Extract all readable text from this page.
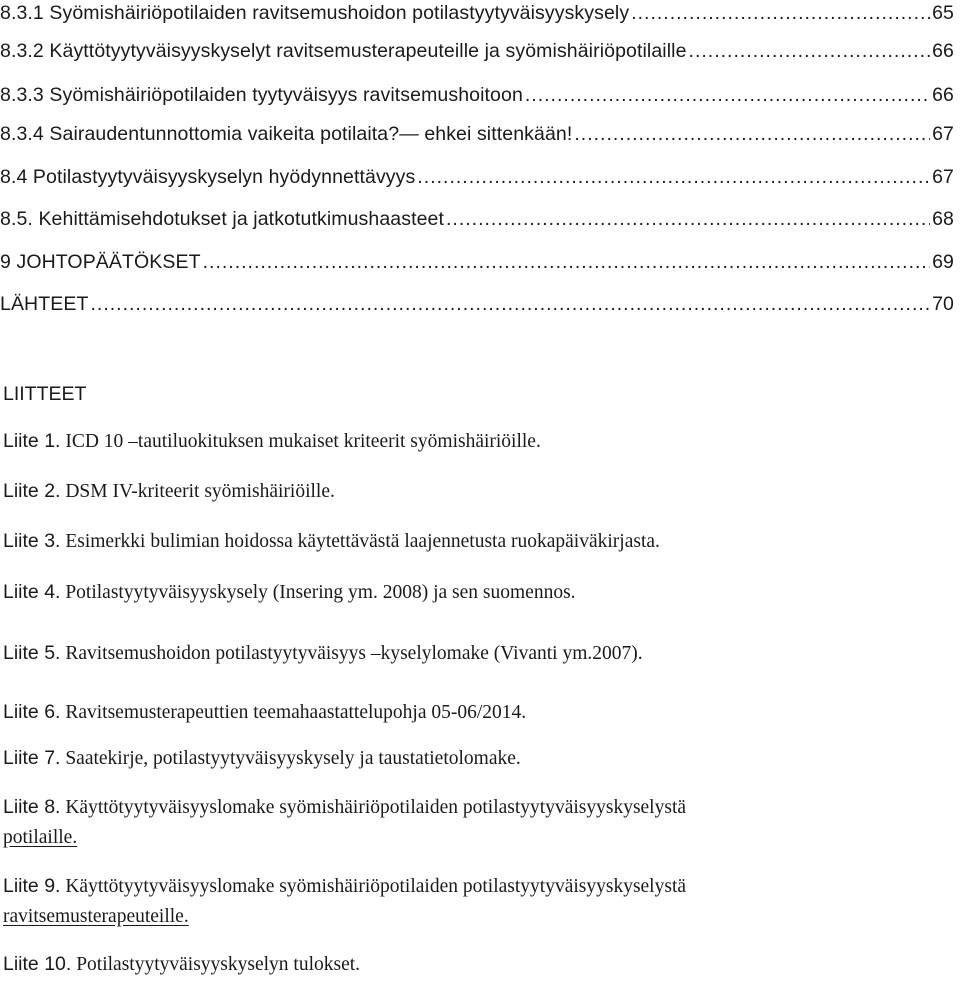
8.3.1 Syömishäiriöpotilaiden ravitsemushoidon potilastyytyväisyyskysely .....	65
8.3.2 Käyttötyytyväisyyskyselyt ravitsemusterapeuteille ja syömishäiriöpotilaille .....	66
8.3.3 Syömishäiriöpotilaiden tyytyväisyys ravitsemushoitoon .....	66
8.3.4 Sairaudentunnottomia vaikeita potilaita?— ehkei sittenkään! .....	67
8.4 Potilastyytyväisyyskyselyn hyödynnettävyys .....	67
8.5. Kehittämisehdotukset ja jatkotutkimushaasteet .....	68
9 JOHTOPÄÄTÖKSET .....	69
LÄHTEET .....	70
LIITTEET
Liite 1. ICD 10 –tautiluokituksen mukaiset kriteerit syömishäiriöille.
Liite 2. DSM IV-kriteerit syömishäiriöille.
Liite 3. Esimerkki bulimian hoidossa käytettävästä laajennetusta ruokapäiväkirjasta.
Liite 4. Potilastyytyväisyyskysely (Insering ym. 2008) ja sen suomennos.
Liite 5. Ravitsemushoidon potilastyytyväisyys –kyselylomake (Vivanti ym.2007).
Liite 6. Ravitsemusterapeuttien teemahaastattelupohja 05-06/2014.
Liite 7. Saatekirje, potilastyytyväisyyskysely ja taustatietolomake.
Liite 8. Käyttötyytyväisyyslomake syömishäiriöpotilaiden potilastyytyväisyyskyselystä
potilaille.
Liite 9. Käyttötyytyväisyyslomake syömishäiriöpotilaiden potilastyytyväisyyskyselystä
ravitsemusterapeuteille.
Liite 10. Potilastyytyväisyyskyselyn tulokset.
